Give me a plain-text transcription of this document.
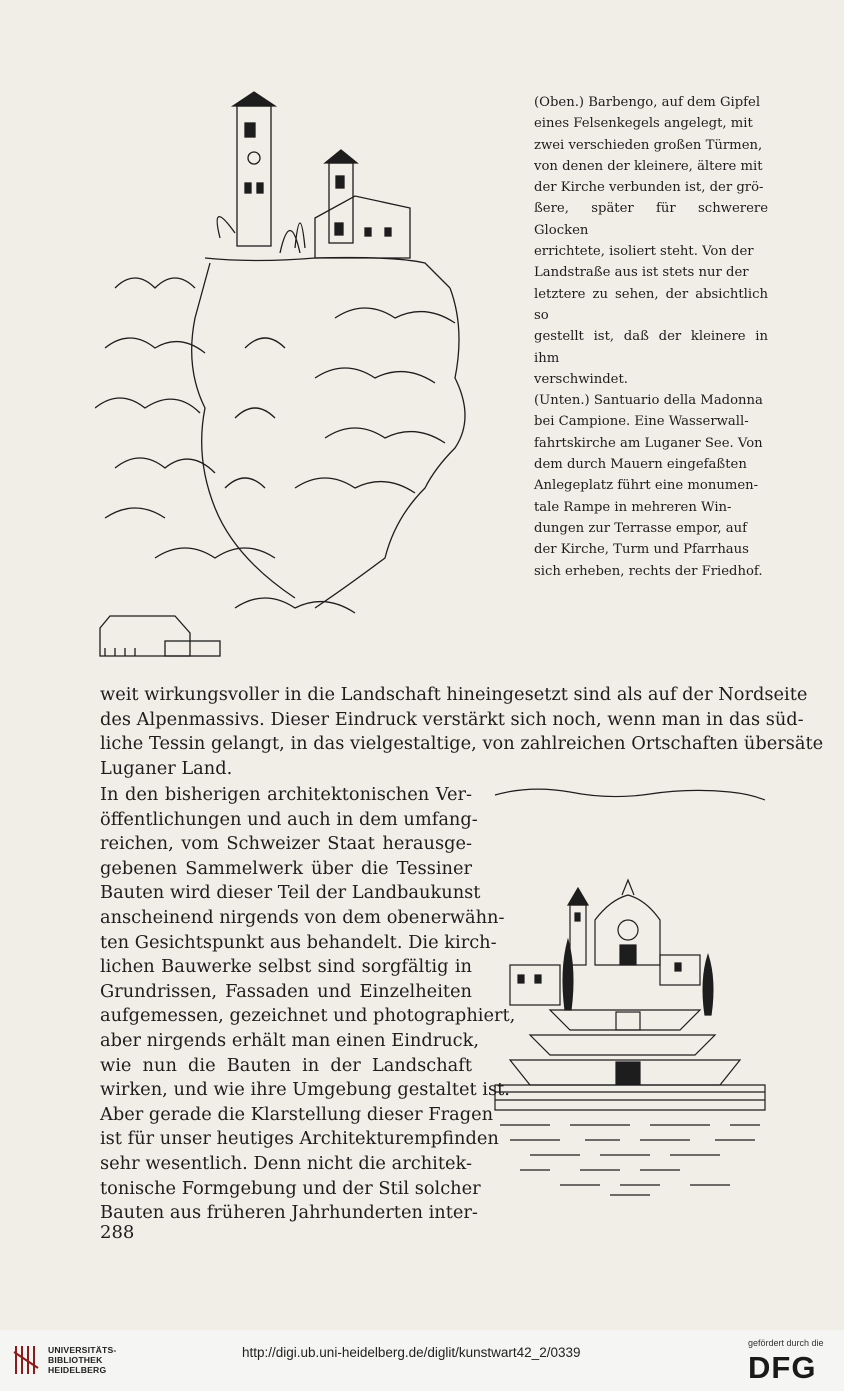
(Oben.) Barbengo, auf dem Gipfel

eines Felsenkegels angelegt, mit

zwei verschieden großen Türmen,

von denen der kleinere, ältere mit

der Kirche verbunden ist, der grö-

ßere, später für schwerere Glocken

errichtete, isoliert steht. Von der

Landstraße aus ist stets nur der

letztere zu sehen, der absichtlich so

gestellt ist, daß der kleinere in ihm

verschwindet.

(Unten.) Santuario della Madonna

bei Campione. Eine Wasserwall-

fahrtskirche am Luganer See. Von

dem durch Mauern eingefaßten

Anlegeplatz führt eine monumen-

tale Rampe in mehreren Win-

dungen zur Terrasse empor, auf

der Kirche, Turm und Pfarrhaus

sich erheben, rechts der Friedhof.

weit wirkungsvoller in die Landschaft hineingesetzt sind als auf der Nordseite
des Alpenmassivs. Dieser Eindruck verstärkt sich noch, wenn man in das süd-
liche Tessin gelangt, in das vielgestaltige, von zahlreichen Ortschaften übersäte
Luganer Land.
In den bisherigen architektonischen Ver-
öffentlichungen und auch in dem umfang-
reichen, vom Schweizer Staat herausge-
gebenen Sammelwerk über die Tessiner
Bauten wird dieser Teil der Landbaukunst
anscheinend nirgends von dem obenerwähn-
ten Gesichtspunkt aus behandelt. Die kirch-
lichen Bauwerke selbst sind sorgfältig in
Grundrissen, Fassaden und Einzelheiten
aufgemessen, gezeichnet und photographiert,
aber nirgends erhält man einen Eindruck,
wie nun die Bauten in der Landschaft
wirken, und wie ihre Umgebung gestaltet ist.
Aber gerade die Klarstellung dieser Fragen
ist für unser heutiges Architekturempfinden
sehr wesentlich. Denn nicht die architek-
tonische Formgebung und der Stil solcher
Bauten aus früheren Jahrhunderten inter-
288
UNIVERSITÄTS-
BIBLIOTHEK
HEIDELBERG
http://digi.ub.uni-heidelberg.de/diglit/kunstwart42_2/0339
gefördert durch die
DFG
